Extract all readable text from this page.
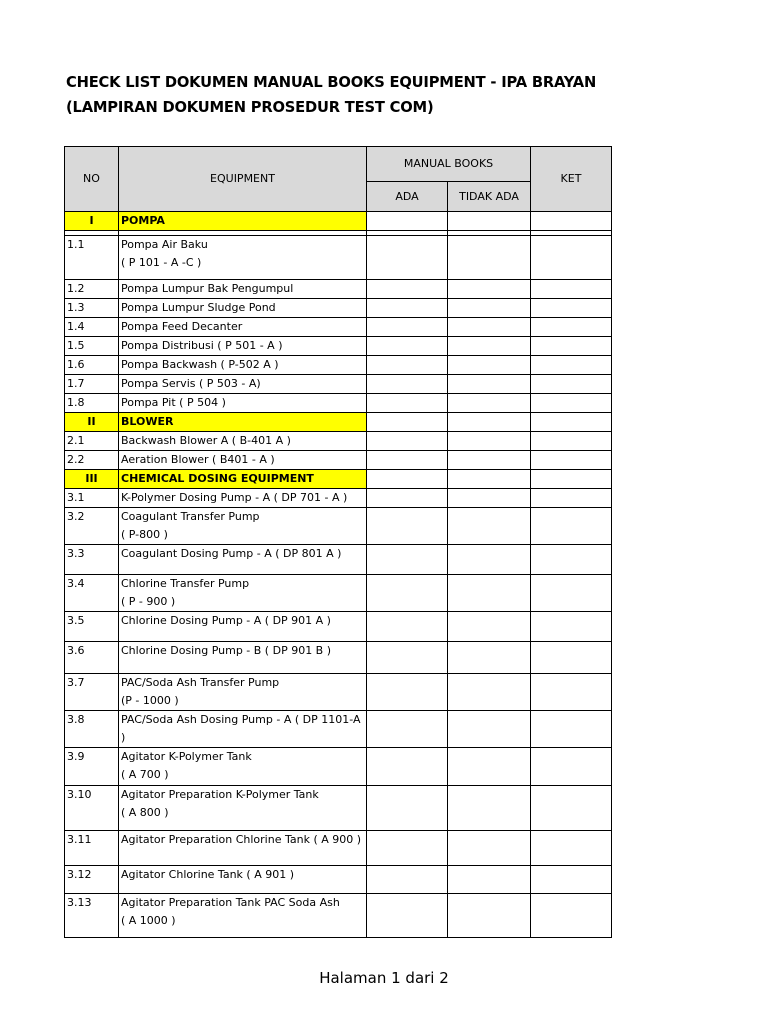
CHECK LIST DOKUMEN MANUAL BOOKS EQUIPMENT - IPA BRAYAN
(LAMPIRAN DOKUMEN PROSEDUR TEST COM)
NO	EQUIPMENT	MANUAL BOOKS		KET
		ADA	TIDAK ADA	
I	POMPA			

1.1	Pompa Air Baku
( P 101 - A -C )			

1.2	Pompa Lumpur Bak Pengumpul			

1.3	Pompa Lumpur Sludge Pond			

1.4	Pompa Feed Decanter			

1.5	Pompa Distribusi ( P 501 - A )			

1.6	Pompa Backwash ( P-502 A )			

1.7	Pompa Servis ( P 503 - A)			

1.8	Pompa Pit ( P 504 )			

II	BLOWER			
2.1	Backwash Blower A ( B-401 A )			

2.2	Aeration Blower ( B401 - A )			

III	CHEMICAL DOSING EQUIPMENT			
3.1	K-Polymer Dosing Pump - A ( DP 701 - A )			

3.2	Coagulant Transfer Pump
( P-800 )			

3.3	Coagulant Dosing Pump - A ( DP 801 A )			

3.4	Chlorine Transfer Pump
( P - 900 )			

3.5	Chlorine Dosing Pump - A ( DP 901 A )			

3.6	Chlorine Dosing Pump - B ( DP 901 B )			

3.7	PAC/Soda Ash Transfer Pump
(P - 1000 )			

3.8	PAC/Soda Ash Dosing Pump - A ( DP 1101-A
)			

3.9	Agitator K-Polymer Tank
( A 700 )			

3.10	Agitator Preparation K-Polymer Tank
( A 800 )			

3.11	Agitator Preparation Chlorine Tank ( A 900 )			

3.12	Agitator Chlorine Tank ( A 901 )			

3.13	Agitator Preparation Tank PAC Soda Ash
( A 1000 )			

Halaman 1 dari 2
